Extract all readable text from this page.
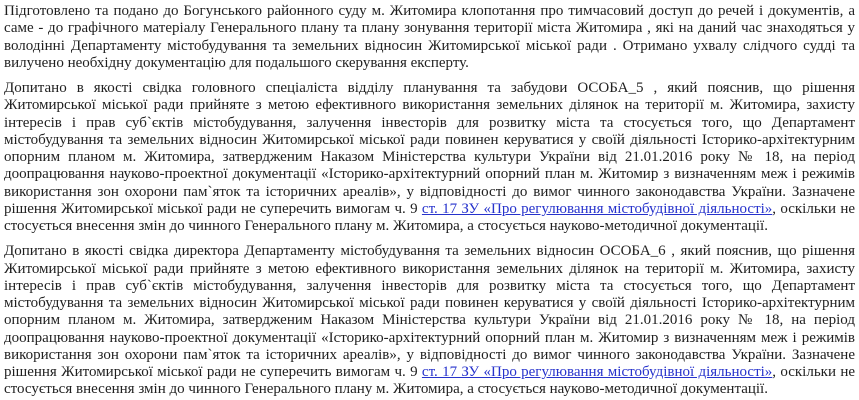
Підготовлено та подано до Богунського районного суду м. Житомира клопотання про тимчасовий доступ до речей і документів, а саме - до графічного матеріалу Генерального плану та плану зонування території міста Житомира , які на даний час знаходяться у володінні Департаменту містобудування та земельних відносин Житомирської міської ради . Отримано ухвалу слідчого судді та вилучено необхідну документацію для подальшого скерування експерту.

Допитано в якості свідка головного спеціаліста відділу планування та забудови ОСОБА_5 , який пояснив, що рішення Житомирської міської ради прийняте з метою ефективного використання земельних ділянок на території м. Житомира, захисту інтересів і прав суб`єктів містобудування, залучення інвесторів для розвитку міста та стосується того, що Департамент містобудування та земельних відносин Житомирської міської ради повинен керуватися у своїй діяльності Історико-архітектурним опорним планом м. Житомира, затвердженим Наказом Міністерства культури України від 21.01.2016 року № 18, на період доопрацювання науково-проектної документації «Історико-архітектурний опорний план м. Житомир з визначенням меж і режимів використання зон охорони пам`яток та історичних ареалів», у відповідності до вимог чинного законодавства України. Зазначене рішення Житомирської міської ради не суперечить вимогам ч. 9 ст. 17 ЗУ «Про регулювання містобудівної діяльності», оскільки не стосується внесення змін до чинного Генерального плану м. Житомира, а стосується науково-методичної документації.

Допитано в якості свідка директора Департаменту містобудування та земельних відносин ОСОБА_6 , який пояснив, що рішення Житомирської міської ради прийняте з метою ефективного використання земельних ділянок на території м. Житомира, захисту інтересів і прав суб`єктів містобудування, залучення інвесторів для розвитку міста та стосується того, що Департамент містобудування та земельних відносин Житомирської міської ради повинен керуватися у своїй діяльності Історико-архітектурним опорним планом м. Житомира, затвердженим Наказом Міністерства культури України від 21.01.2016 року № 18, на період доопрацювання науково-проектної документації «Історико-архітектурний опорний план м. Житомир з визначенням меж і режимів використання зон охорони пам`яток та історичних ареалів», у відповідності до вимог чинного законодавства України. Зазначене рішення Житомирської міської ради не суперечить вимогам ч. 9 ст. 17 ЗУ «Про регулювання містобудівної діяльності», оскільки не стосується внесення змін до чинного Генерального плану м. Житомира, а стосується науково-методичної документації.
